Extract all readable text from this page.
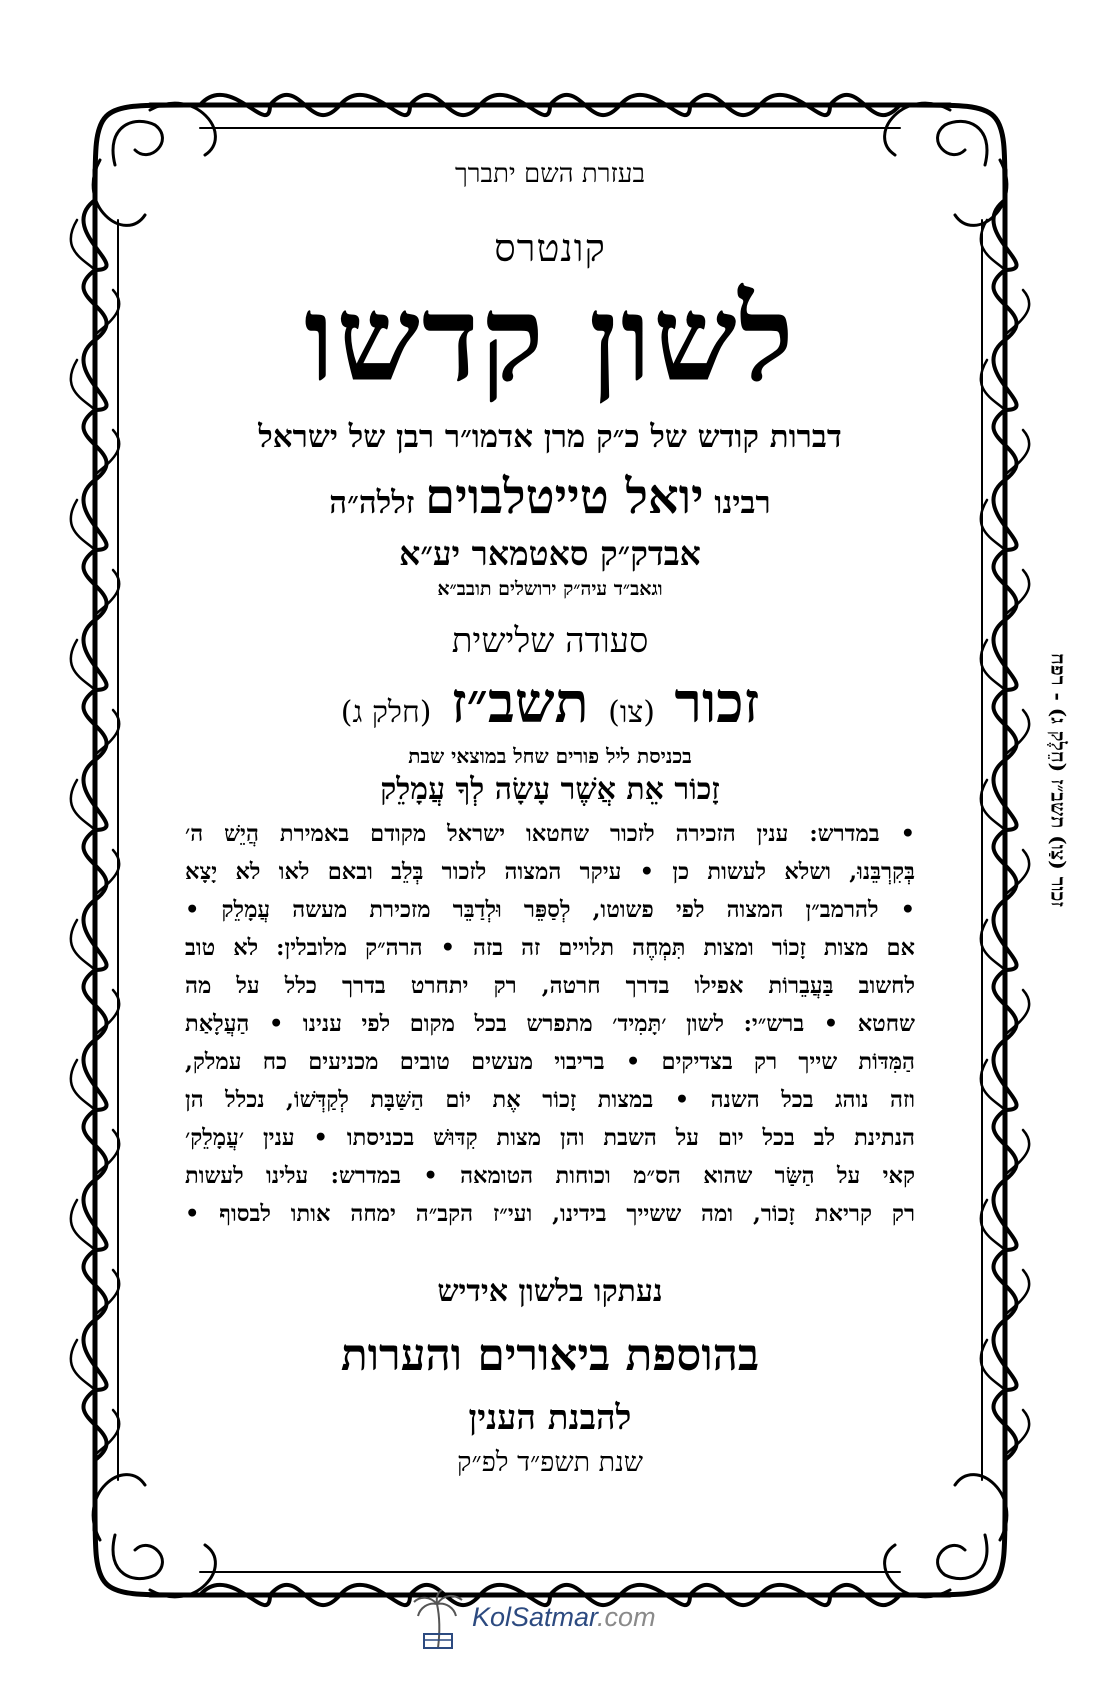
בעזרת השם יתברך

קונטרס

לשון קדשו

דברות קודש של כ״ק מרן אדמו״ר רבן של ישראל

רבינו יואל טייטלבוים זללה״ה

אבדק״ק סאטמאר יע״א

וגאב״ד עיה״ק ירושלים תובב״א

סעודה שלישית

זכור (צו) תשב״ז (חלק ג)

בכניסת ליל פורים שחל במוצאי שבת

זָכוֹר אֵת אֲשֶׁר עָשָׂה לְךָ עֲמָלֵק

• במדרש: ענין הזכירה לזכור שחטאו ישראל מקודם באמירת הֲיֵשׁ ה׳
בְּקִרְבֵּנוּ, ושלא לעשות כן • עיקר המצוה לזכור בְּלֵב ובאם לאו לא יָצָא
• להרמב״ן המצוה לפי פשוטו, לְסַפֵּר וּלְדַבֵּר מזכירת מעשה עֲמָלֵק •
אם מצות זָכוֹר ומצות תִּמְחֶה תלויים זה בזה • הרה״ק מלובלין: לא טוב
לחשוב בַּעֲבֵרוֹת אפילו בדרך חרטה, רק יתחרט בדרך כלל על מה
שחטא • ברש״י: לשון ׳תָּמִיד׳ מתפרש בכל מקום לפי ענינו • הַעֲלָאַת
הַמִּדּוֹת שייך רק בצדיקים • בריבוי מעשים טובים מכניעים כח עמלק,
וזה נוהג בכל השנה • במצות זָכוֹר אֶת יוֹם הַשַּׁבָּת לְקַדְּשׁוֹ, נכלל הן
הנתינת לב בכל יום על השבת והן מצות קִדּוּשׁ בכניסתו • ענין ׳עֲמָלֵק׳
קאי על הַשַּׂר שהוא הס״מ וכוחות הטומאה • במדרש: עלינו לעשות
רק קריאת זָכוֹר, ומה ששייך בידינו, ועי״ז הקב״ה ימחה אותו לבסוף •

נעתקו בלשון אידיש

בהוספת ביאורים והערות

להבנת הענין

שנת תשפ״ד לפ״ק

זכור (צַו) תשב״ז (חֵלֶק ג) - רפח
KolSatmar.com
